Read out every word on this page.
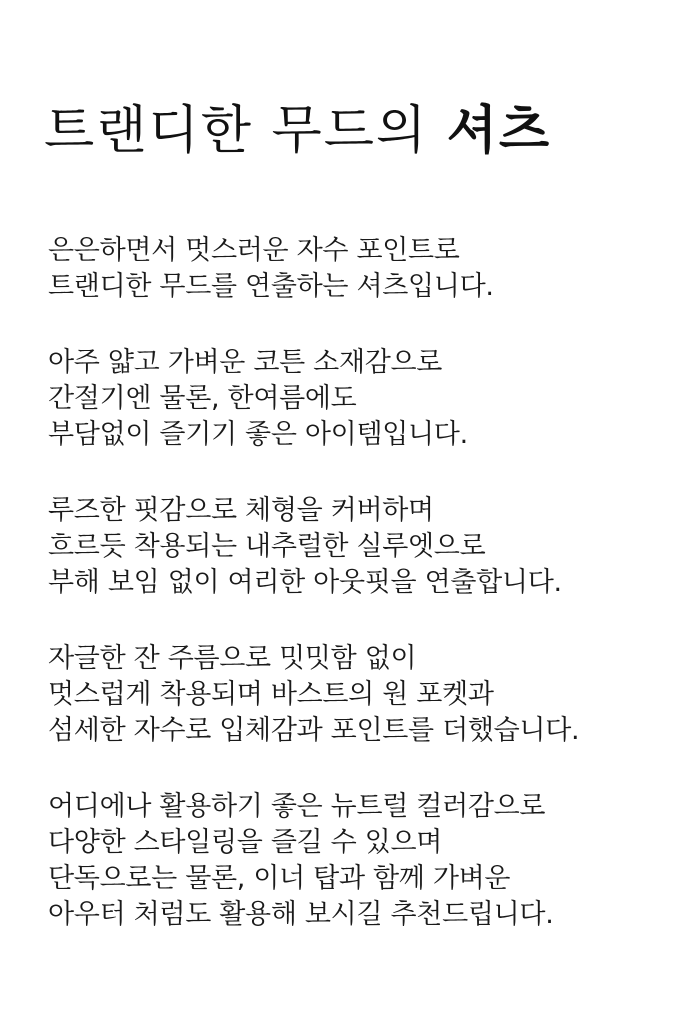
트랜디한 무드의 셔츠

은은하면서 멋스러운 자수 포인트로
트랜디한 무드를 연출하는 셔츠입니다.

아주 얇고 가벼운 코튼 소재감으로
간절기엔 물론, 한여름에도
부담없이 즐기기 좋은 아이템입니다.

루즈한 핏감으로 체형을 커버하며
흐르듯 착용되는 내추럴한 실루엣으로
부해 보임 없이 여리한 아웃핏을 연출합니다.

자글한 잔 주름으로 밋밋함 없이
멋스럽게 착용되며 바스트의 원 포켓과
섬세한 자수로 입체감과 포인트를 더했습니다.

어디에나 활용하기 좋은 뉴트럴 컬러감으로
다양한 스타일링을 즐길 수 있으며
단독으로는 물론, 이너 탑과 함께 가벼운
아우터 처럼도 활용해 보시길 추천드립니다.
